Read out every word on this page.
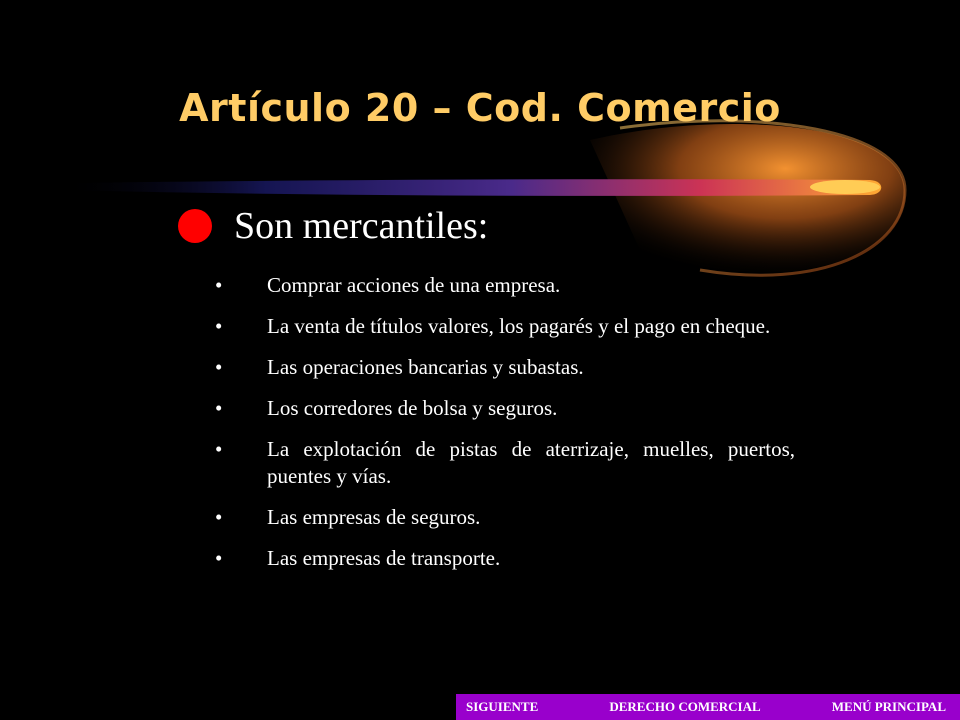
Artículo 20 – Cod. Comercio
Son mercantiles:
•	Comprar acciones de una empresa.
•	La venta de títulos valores, los pagarés y el pago en cheque.
•	Las operaciones bancarias y subastas.
•	Los corredores de bolsa y seguros.
•	La explotación de pistas de aterrizaje, muelles, puertos, puentes y vías.
•	Las empresas de seguros.
•	Las empresas de transporte.
SIGUIENTE	DERECHO COMERCIAL	MENÚ PRINCIPAL
